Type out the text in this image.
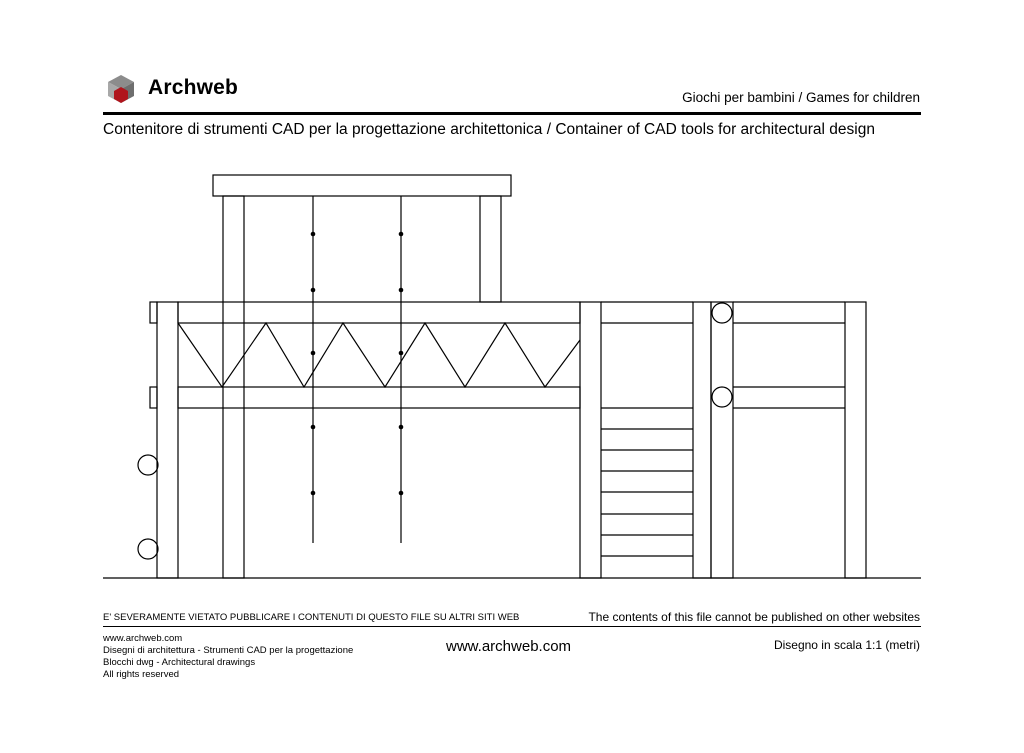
Archweb	Giochi per bambini / Games for children
Contenitore di strumenti CAD per la progettazione architettonica / Container of CAD tools for architectural design
E' SEVERAMENTE VIETATO PUBBLICARE I CONTENUTI DI QUESTO FILE SU ALTRI SITI WEB	The contents of this file cannot be published on other websites
www.archweb.com
Disegni di architettura - Strumenti CAD per la progettazione
Blocchi dwg - Architectural drawings
All rights reserved
www.archweb.com	Disegno in scala 1:1 (metri)
